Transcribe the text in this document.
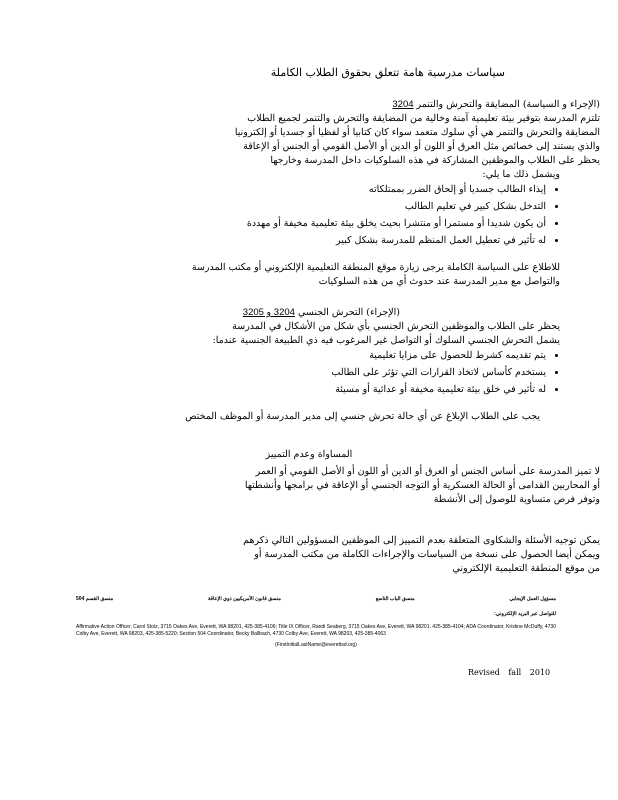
سياسات مدرسية هامة تتعلق بحقوق الطلاب الكاملة

(الإجراء و السياسة) المضايقة والتحرش والتنمر 3204

تلتزم المدرسة بتوفير بيئة تعليمية آمنة وخالية من المضايقة والتحرش والتنمر لجميع الطلاب

المضايقة والتحرش والتنمر هي أي سلوك متعمد سواء كان كتابيا أو لفظيا أو جسديا أو إلكترونيا

والذي يستند إلى خصائص مثل العرق أو اللون أو الدين أو الأصل القومي أو الجنس أو الإعاقة

يحظر على الطلاب والموظفين المشاركة في هذه السلوكيات داخل المدرسة وخارجها

ويشمل ذلك ما يلي:

• إيذاء الطالب جسديا أو إلحاق الضرر بممتلكاته
• التدخل بشكل كبير في تعليم الطالب
• أن يكون شديدا أو مستمرا أو منتشرا بحيث يخلق بيئة تعليمية مخيفة أو مهددة
• له تأثير في تعطيل العمل المنظم للمدرسة بشكل كبير

للاطلاع على السياسة الكاملة يرجى زيارة موقع المنطقة التعليمية الإلكتروني أو مكتب المدرسة

والتواصل مع مدير المدرسة عند حدوث أي من هذه السلوكيات

(الإجراء) التحرش الجنسي 3204 و 3205

يحظر على الطلاب والموظفين التحرش الجنسي بأي شكل من الأشكال في المدرسة

يشمل التحرش الجنسي السلوك أو التواصل غير المرغوب فيه ذي الطبيعة الجنسية عندما:

• يتم تقديمه كشرط للحصول على مزايا تعليمية
• يستخدم كأساس لاتخاذ القرارات التي تؤثر على الطالب
• له تأثير في خلق بيئة تعليمية مخيفة أو عدائية أو مسيئة

يجب على الطلاب الإبلاغ عن أي حالة تحرش جنسي إلى مدير المدرسة أو الموظف المختص

المساواة وعدم التمييز

لا تميز المدرسة على أساس الجنس أو العرق أو الدين أو اللون أو الأصل القومي أو العمر

أو المحاربين القدامى أو الحالة العسكرية أو التوجه الجنسي أو الإعاقة في برامجها وأنشطتها

وتوفر فرص متساوية للوصول إلى الأنشطة

يمكن توجيه الأسئلة والشكاوى المتعلقة بعدم التمييز إلى الموظفين المسؤولين التالي ذكرهم

ويمكن أيضا الحصول على نسخة من السياسات والإجراءات الكاملة من مكتب المدرسة أو

من موقع المنطقة التعليمية الإلكتروني

مسؤول العمل الإيجابي
منسق الباب التاسع
منسق قانون الأمريكيين ذوي الإعاقة
منسق القسم 504
للتواصل عبر البريد الإلكتروني:
Affirmative Action Officer, Carol Stolz, 3715 Oakes Ave, Everett, WA 98201, 425-385-4106; Title IX Officer, Randi Seaberg, 3715 Oakes Ave, Everett, WA 98201, 425-385-4104; ADA Coordinator, Kristine McDuffy, 4730 Colby Ave, Everett, WA 98203, 425-385-5220; Section 504 Coordinator, Becky Ballbach, 4730 Colby Ave, Everett, WA 98203, 425-385-4063
(FirstInitialLastName@everettsd.org)
Revised fall 2010
